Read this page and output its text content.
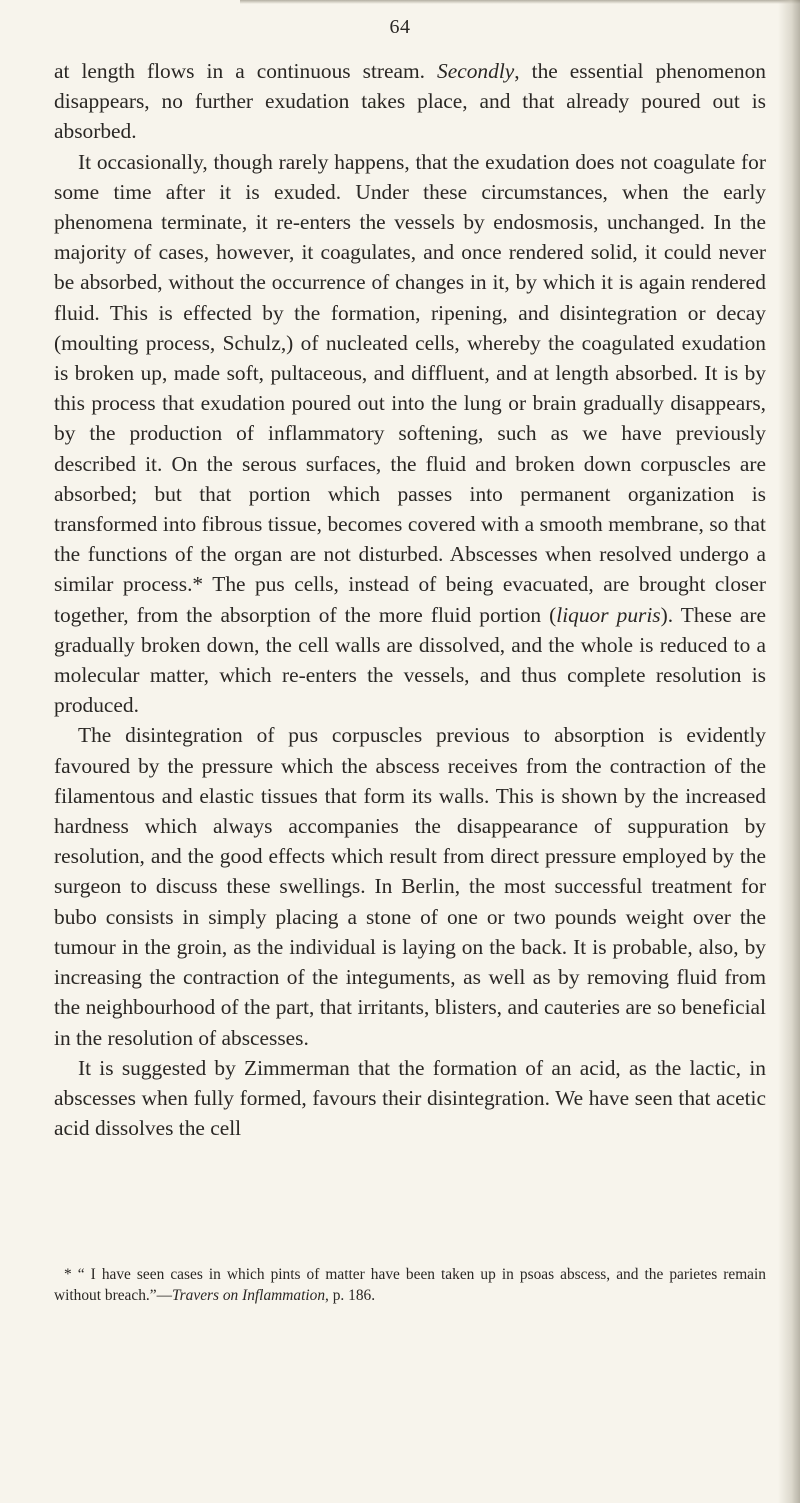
64

at length flows in a continuous stream. Secondly, the essential phenomenon disappears, no further exudation takes place, and that already poured out is absorbed.

It occasionally, though rarely happens, that the exudation does not coagulate for some time after it is exuded. Under these circumstances, when the early phenomena terminate, it re-enters the vessels by endosmosis, unchanged. In the majority of cases, however, it coagulates, and once rendered solid, it could never be absorbed, without the occurrence of changes in it, by which it is again rendered fluid. This is effected by the formation, ripening, and disintegration or decay (moulting process, Schulz,) of nucleated cells, whereby the coagulated exudation is broken up, made soft, pultaceous, and diffluent, and at length absorbed. It is by this process that exudation poured out into the lung or brain gradually disappears, by the production of inflammatory softening, such as we have previously described it. On the serous surfaces, the fluid and broken down corpuscles are absorbed; but that portion which passes into permanent organization is transformed into fibrous tissue, becomes covered with a smooth membrane, so that the functions of the organ are not disturbed. Abscesses when resolved undergo a similar process.* The pus cells, instead of being evacuated, are brought closer together, from the absorption of the more fluid portion (liquor puris). These are gradually broken down, the cell walls are dissolved, and the whole is reduced to a molecular matter, which re-enters the vessels, and thus complete resolution is produced.

The disintegration of pus corpuscles previous to absorption is evidently favoured by the pressure which the abscess receives from the contraction of the filamentous and elastic tissues that form its walls. This is shown by the increased hardness which always accompanies the disappearance of suppuration by resolution, and the good effects which result from direct pressure employed by the surgeon to discuss these swellings. In Berlin, the most successful treatment for bubo consists in simply placing a stone of one or two pounds weight over the tumour in the groin, as the individual is laying on the back. It is probable, also, by increasing the contraction of the integuments, as well as by removing fluid from the neighbourhood of the part, that irritants, blisters, and cauteries are so beneficial in the resolution of abscesses.

It is suggested by Zimmerman that the formation of an acid, as the lactic, in abscesses when fully formed, favours their disintegration. We have seen that acetic acid dissolves the cell

* “ I have seen cases in which pints of matter have been taken up in psoas abscess, and the parietes remain without breach.”—Travers on Inflammation, p. 186.
